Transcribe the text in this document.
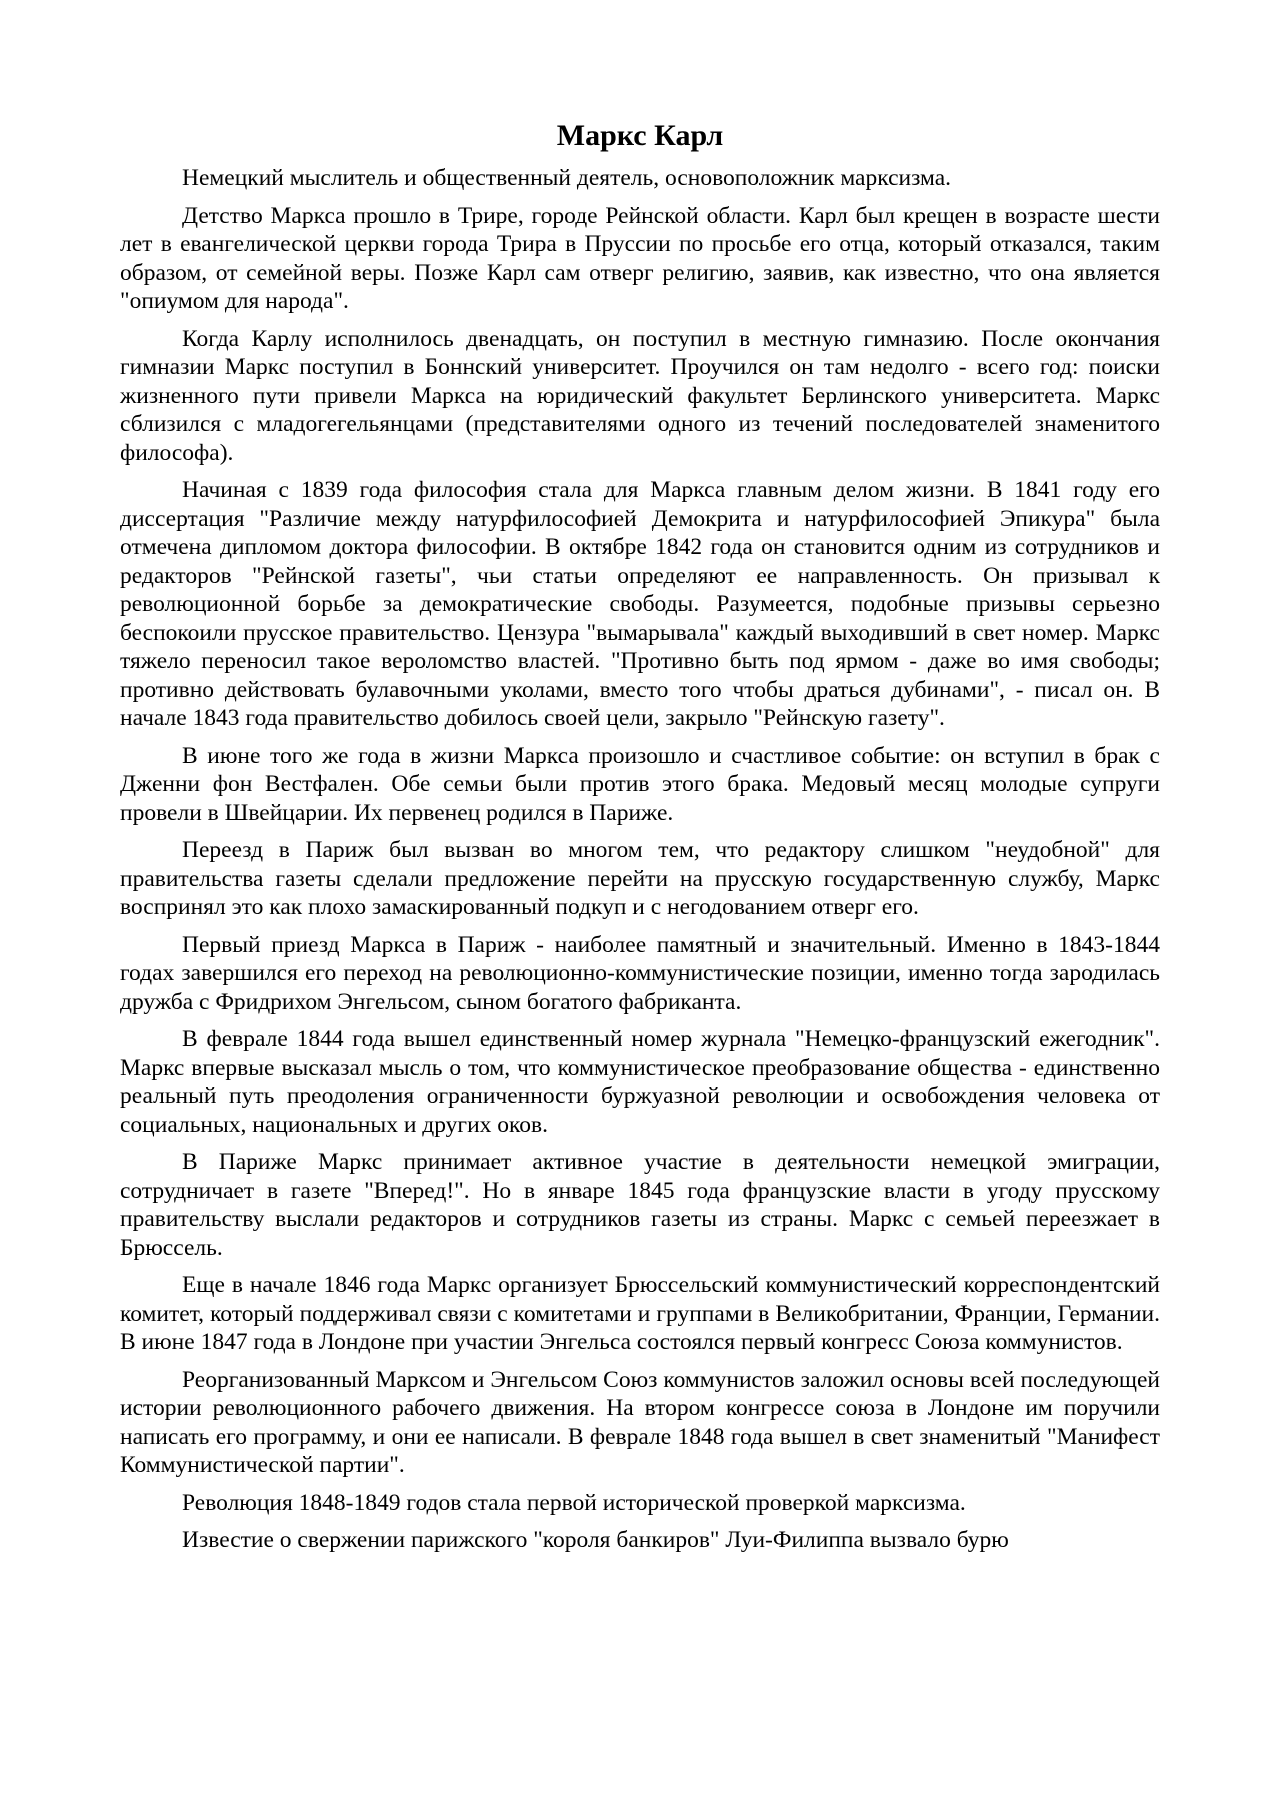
Маркс Карл

Немецкий мыслитель и общественный деятель, основоположник марксизма.

Детство Маркса прошло в Трире, городе Рейнской области. Карл был крещен в возрасте шести лет в евангелической церкви города Трира в Пруссии по просьбе его отца, который отказался, таким образом, от семейной веры. Позже Карл сам отверг религию, заявив, как известно, что она является "опиумом для народа".

Когда Карлу исполнилось двенадцать, он поступил в местную гимназию. После окончания гимназии Маркс поступил в Боннский университет. Проучился он там недолго - всего год: поиски жизненного пути привели Маркса на юридический факультет Берлинского университета. Маркс сблизился с младогегельянцами (представителями одного из течений последователей знаменитого философа).

Начиная с 1839 года философия стала для Маркса главным делом жизни. В 1841 году его диссертация "Различие между натурфилософией Демокрита и натурфилософией Эпикура" была отмечена дипломом доктора философии. В октябре 1842 года он становится одним из сотрудников и редакторов "Рейнской газеты", чьи статьи определяют ее направленность. Он призывал к революционной борьбе за демократические свободы. Разумеется, подобные призывы серьезно беспокоили прусское правительство. Цензура "вымарывала" каждый выходивший в свет номер. Маркс тяжело переносил такое вероломство властей. "Противно быть под ярмом - даже во имя свободы; противно действовать булавочными уколами, вместо того чтобы драться дубинами", - писал он. В начале 1843 года правительство добилось своей цели, закрыло "Рейнскую газету".

В июне того же года в жизни Маркса произошло и счастливое событие: он вступил в брак с Дженни фон Вестфален. Обе семьи были против этого брака. Медовый месяц молодые супруги провели в Швейцарии. Их первенец родился в Париже.

Переезд в Париж был вызван во многом тем, что редактору слишком "неудобной" для правительства газеты сделали предложение перейти на прусскую государственную службу, Маркс воспринял это как плохо замаскированный подкуп и с негодованием отверг его.

Первый приезд Маркса в Париж - наиболее памятный и значительный. Именно в 1843-1844 годах завершился его переход на революционно-коммунистические позиции, именно тогда зародилась дружба с Фридрихом Энгельсом, сыном богатого фабриканта.

В феврале 1844 года вышел единственный номер журнала "Немецко-французский ежегодник". Маркс впервые высказал мысль о том, что коммунистическое преобразование общества - единственно реальный путь преодоления ограниченности буржуазной революции и освобождения человека от социальных, национальных и других оков.

В Париже Маркс принимает активное участие в деятельности немецкой эмиграции, сотрудничает в газете "Вперед!". Но в январе 1845 года французские власти в угоду прусскому правительству выслали редакторов и сотрудников газеты из страны. Маркс с семьей переезжает в Брюссель.

Еще в начале 1846 года Маркс организует Брюссельский коммунистический корреспондентский комитет, который поддерживал связи с комитетами и группами в Великобритании, Франции, Германии. В июне 1847 года в Лондоне при участии Энгельса состоялся первый конгресс Союза коммунистов.

Реорганизованный Марксом и Энгельсом Союз коммунистов заложил основы всей последующей истории революционного рабочего движения. На втором конгрессе союза в Лондоне им поручили написать его программу, и они ее написали. В феврале 1848 года вышел в свет знаменитый "Манифест Коммунистической партии".

Революция 1848-1849 годов стала первой исторической проверкой марксизма.

Известие о свержении парижского "короля банкиров" Луи-Филиппа вызвало бурю
